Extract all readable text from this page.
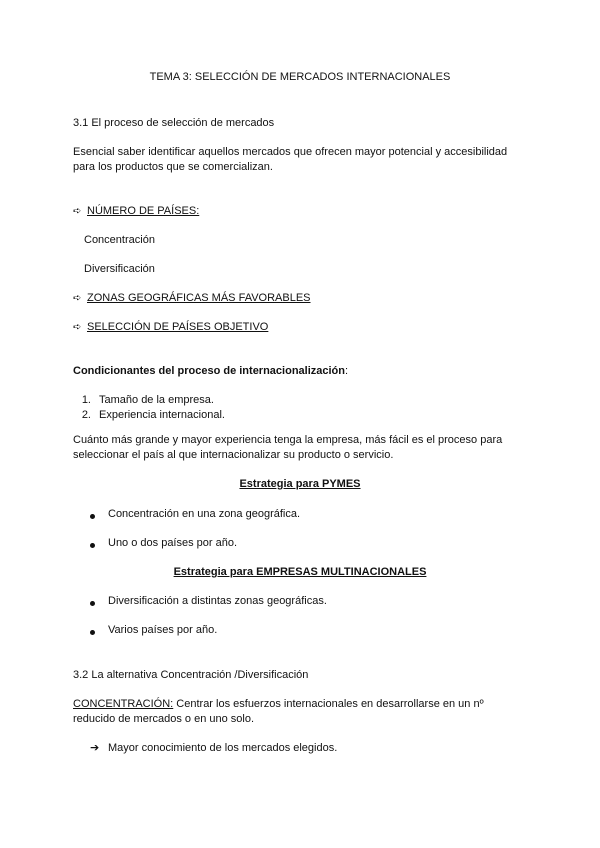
TEMA 3: SELECCIÓN DE MERCADOS INTERNACIONALES
3.1 El proceso de selección de mercados
Esencial saber identificar aquellos mercados que ofrecen mayor potencial y accesibilidad
para los productos que se comercializan.
➪ NÚMERO DE PAÍSES:
Concentración
Diversificación
➪ ZONAS GEOGRÁFICAS MÁS FAVORABLES
➪ SELECCIÓN DE PAÍSES OBJETIVO
Condicionantes del proceso de internacionalización:
1. Tamaño de la empresa.
2. Experiencia internacional.
Cuánto más grande y mayor experiencia tenga la empresa, más fácil es el proceso para
seleccionar el país al que internacionalizar su producto o servicio.
Estrategia para PYMES
Concentración en una zona geográfica.
Uno o dos países por año.
Estrategia para EMPRESAS MULTINACIONALES
Diversificación a distintas zonas geográficas.
Varios países por año.
3.2 La alternativa Concentración /Diversificación
CONCENTRACIÓN: Centrar los esfuerzos internacionales en desarrollarse en un nº
reducido de mercados o en uno solo.
➔ Mayor conocimiento de los mercados elegidos.
